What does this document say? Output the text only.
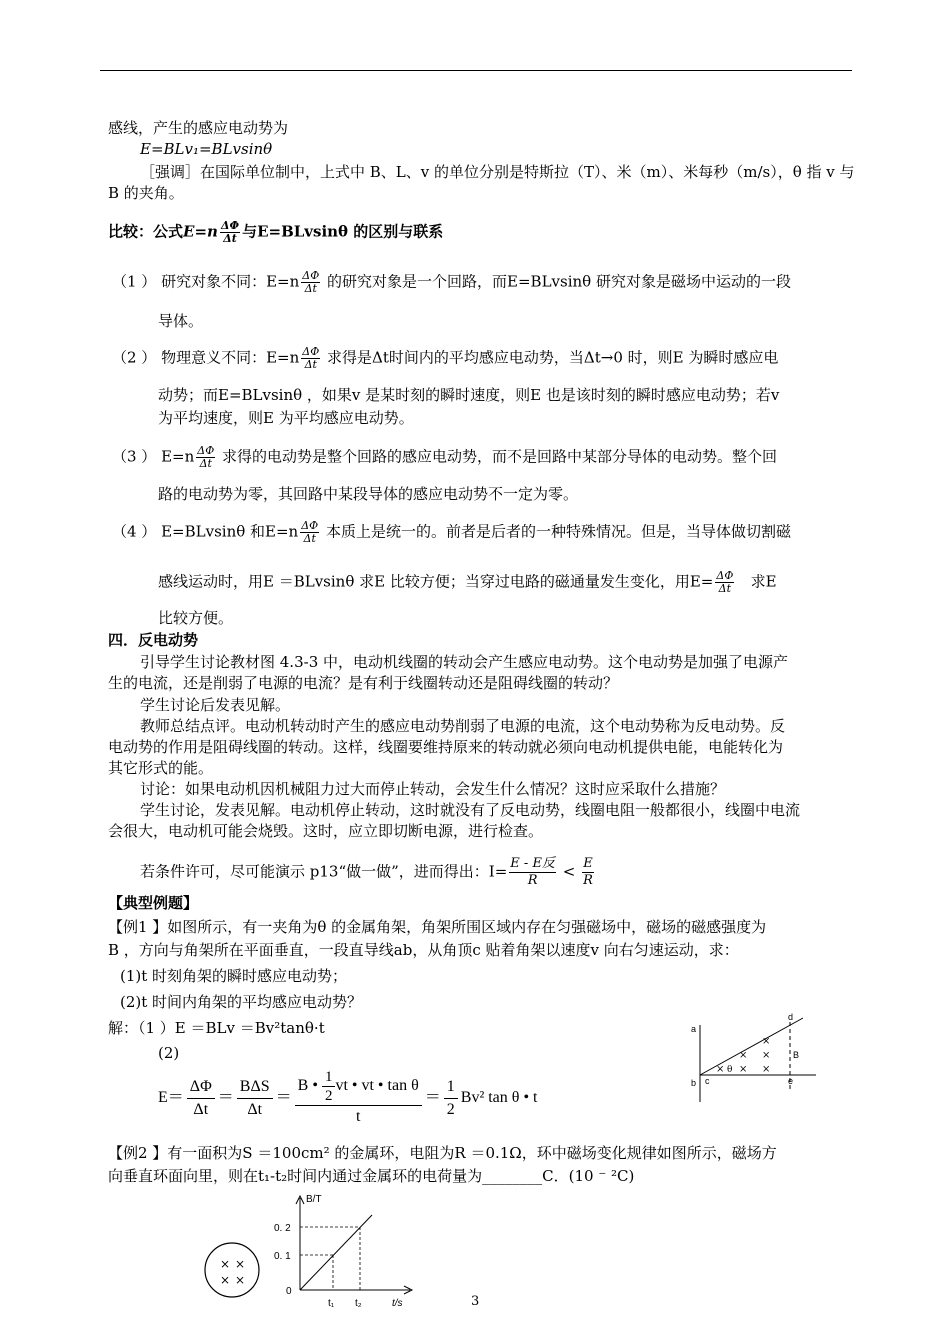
感线，产生的感应电动势为
E=BLv₁=BLvsinθ
［强调］在国际单位制中，上式中 B、L、v 的单位分别是特斯拉（T）、米（m）、米每秒（m/s），θ 指 v 与
B 的夹角。
比较：公式$E=n \frac{\Delta\Phi}{\Delta t}$ 与E=BLvsinθ 的区别与联系
（1 ） 研究对象不同：$E=n \frac{\Delta\Phi}{\Delta t}$ 的研究对象是一个回路，而E=BLvsinθ 研究对象是磁场中运动的一段
导体。
（2 ） 物理意义不同：$E=n \frac{\Delta\Phi}{\Delta t}$ 求得是Δt时间内的平均感应电动势，当Δt→0 时，则E 为瞬时感应电
动势；而E=BLvsinθ ，如果v 是某时刻的瞬时速度，则E 也是该时刻的瞬时感应电动势；若v
为平均速度，则E 为平均感应电动势。
（3 ） $E=n \frac{\Delta\Phi}{\Delta t}$ 求得的电动势是整个回路的感应电动势，而不是回路中某部分导体的电动势。整个回
路的电动势为零，其回路中某段导体的感应电动势不一定为零。
（4 ） E=BLvsinθ 和$E=n \frac{\Delta\Phi}{\Delta t}$ 本质上是统一的。前者是后者的一种特殊情况。但是，当导体做切割磁
感线运动时，用E ＝BLvsinθ 求E 比较方便；当穿过电路的磁通量发生变化，用$E= \frac{\Delta\Phi}{\Delta t}$ 求E
比较方便。
四．反电动势
引导学生讨论教材图 4.3-3 中，电动机线圈的转动会产生感应电动势。这个电动势是加强了电源产
生的电流，还是削弱了电源的电流？是有利于线圈转动还是阻碍线圈的转动？
学生讨论后发表见解。
教师总结点评。电动机转动时产生的感应电动势削弱了电源的电流，这个电动势称为反电动势。反
电动势的作用是阻碍线圈的转动。这样，线圈要维持原来的转动就必须向电动机提供电能，电能转化为
其它形式的能。
讨论：如果电动机因机械阻力过大而停止转动，会发生什么情况？这时应采取什么措施？
学生讨论，发表见解。电动机停止转动，这时就没有了反电动势，线圈电阻一般都很小，线圈中电流
会很大，电动机可能会烧毁。这时，应立即切断电源，进行检查。
若条件许可，尽可能演示 p13“做一做”，进而得出：$I= \frac{\text{E - E反}}{R} < \frac{E}{R}$
【典型例题】
【例1 】如图所示，有一夹角为θ 的金属角架，角架所围区域内存在匀强磁场中，磁场的磁感强度为
B ，方向与角架所在平面垂直，一段直导线ab，从角顶c 贴着角架以速度v 向右匀速运动，求：
(1)t 时刻角架的瞬时感应电动势；
(2)t 时间内角架的平均感应电动势？
解：（1 ）E ＝BLv ＝Bv²tanθ·t
(2)
$E= \frac{\Delta\Phi}{\Delta t}$ ＝
BΔS
Δt
＝ $\frac{B • \frac{1}{2} vt • vt • \tan \theta}{t} = \frac{1}{2} Bv^2$ tan θ • t
【例2 】有一面积为S ＝100cm² 的金属环，电阻为R ＝0.1Ω，环中磁场变化规律如图所示，磁场方
向垂直环面向里，则在t₁-t₂时间内通过金属环的电荷量为________C．(10 ⁻ ²C)
a
b c
d
e
B
θ
× × ×
× ×
×
× ×
× ×
B/T
t/s
0. 2
0. 1
0
t₁ t₂	3
